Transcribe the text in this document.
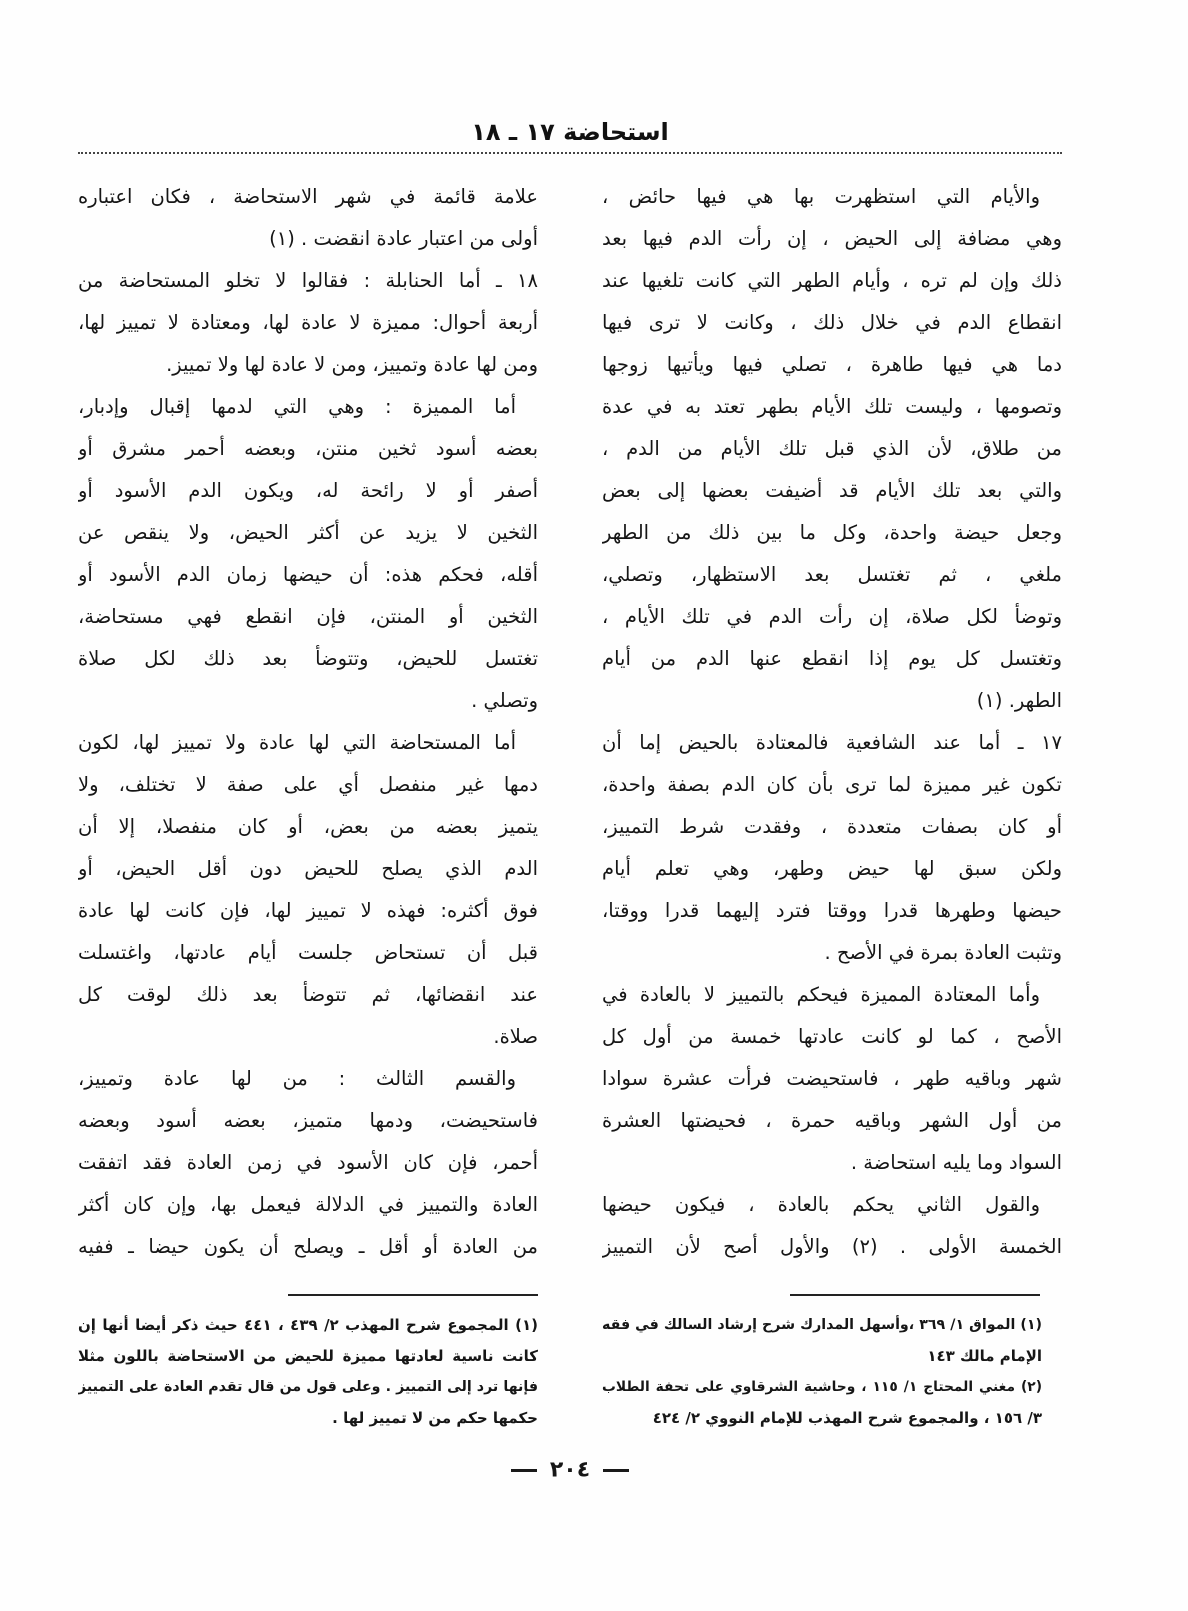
استحاضة ١٧ ـ ١٨
والأيام التي استظهرت بها هي فيها حائض ،
وهي مضافة إلى الحيض ، إن رأت الدم فيها بعد
ذلك وإن لم تره ، وأيام الطهر التي كانت تلغيها عند
انقطاع الدم في خلال ذلك ، وكانت لا ترى فيها
دما هي فيها طاهرة ، تصلي فيها ويأتيها زوجها
وتصومها ، وليست تلك الأيام بطهر تعتد به في عدة
من طلاق، لأن الذي قبل تلك الأيام من الدم ،
والتي بعد تلك الأيام قد أضيفت بعضها إلى بعض
وجعل حيضة واحدة، وكل ما بين ذلك من الطهر
ملغي ، ثم تغتسل بعد الاستظهار، وتصلي،
وتوضأ لكل صلاة، إن رأت الدم في تلك الأيام ،
وتغتسل كل يوم إذا انقطع عنها الدم من أيام
الطهر. (١)
١٧ ـ أما عند الشافعية فالمعتادة بالحيض إما أن
تكون غير مميزة لما ترى بأن كان الدم بصفة واحدة،
أو كان بصفات متعددة ، وفقدت شرط التمييز،
ولكن سبق لها حيض وطهر، وهي تعلم أيام
حيضها وطهرها قدرا ووقتا فترد إليهما قدرا ووقتا،
وتثبت العادة بمرة في الأصح .
وأما المعتادة المميزة فيحكم بالتمييز لا بالعادة في
الأصح ، كما لو كانت عادتها خمسة من أول كل
شهر وباقيه طهر ، فاستحيضت فرأت عشرة سوادا
من أول الشهر وباقيه حمرة ، فحيضتها العشرة
السواد وما يليه استحاضة .
والقول الثاني يحكم بالعادة ، فيكون حيضها
الخمسة الأولى . (٢) والأول أصح لأن التمييز
(١) المواق ١/ ٣٦٩ ،وأسهل المدارك شرح إرشاد السالك في فقه
الإمام مالك ١٤٣
(٢) مغني المحتاج ١/ ١١٥ ، وحاشية الشرقاوي على تحفة الطلاب
٣/ ١٥٦ ، والمجموع شرح المهذب للإمام النووي ٢/ ٤٢٤
علامة قائمة في شهر الاستحاضة ، فكان اعتباره
أولى من اعتبار عادة انقضت . (١)
١٨ ـ أما الحنابلة : فقالوا لا تخلو المستحاضة من
أربعة أحوال: مميزة لا عادة لها، ومعتادة لا تمييز لها،
ومن لها عادة وتمييز، ومن لا عادة لها ولا تمييز.
أما المميزة : وهي التي لدمها إقبال وإدبار،
بعضه أسود ثخين منتن، وبعضه أحمر مشرق أو
أصفر أو لا رائحة له، ويكون الدم الأسود أو
الثخين لا يزيد عن أكثر الحيض، ولا ينقص عن
أقله، فحكم هذه: أن حيضها زمان الدم الأسود أو
الثخين أو المنتن، فإن انقطع فهي مستحاضة،
تغتسل للحيض، وتتوضأ بعد ذلك لكل صلاة
وتصلي .
أما المستحاضة التي لها عادة ولا تمييز لها، لكون
دمها غير منفصل أي على صفة لا تختلف، ولا
يتميز بعضه من بعض، أو كان منفصلا، إلا أن
الدم الذي يصلح للحيض دون أقل الحيض، أو
فوق أكثره: فهذه لا تمييز لها، فإن كانت لها عادة
قبل أن تستحاض جلست أيام عادتها، واغتسلت
عند انقضائها، ثم تتوضأ بعد ذلك لوقت كل
صلاة.
والقسم الثالث : من لها عادة وتمييز،
فاستحيضت، ودمها متميز، بعضه أسود وبعضه
أحمر، فإن كان الأسود في زمن العادة فقد اتفقت
العادة والتمييز في الدلالة فيعمل بها، وإن كان أكثر
من العادة أو أقل ـ ويصلح أن يكون حيضا ـ ففيه
(١) المجموع شرح المهذب ٢/ ٤٣٩ ، ٤٤١ حيث ذكر أيضا أنها إن
كانت ناسية لعادتها مميزة للحيض من الاستحاضة باللون مثلا
فإنها ترد إلى التمييز . وعلى قول من قال تقدم العادة على التمييز
حكمها حكم من لا تمييز لها .
٢٠٤
